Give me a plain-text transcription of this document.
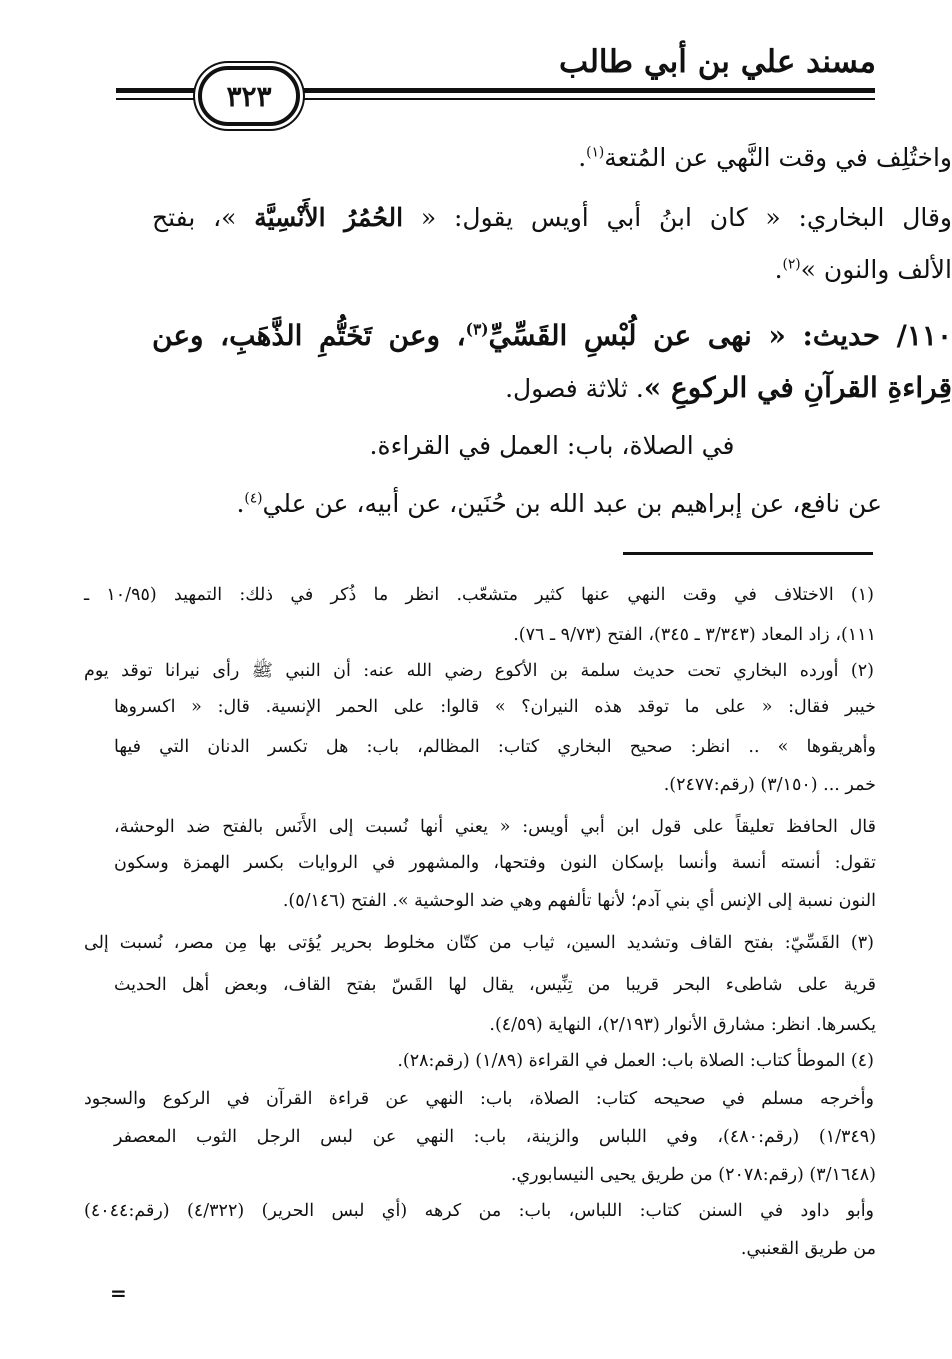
مسند علي بن أبي طالب
٣٢٣
واختُلِف في وقت النَّهي عن المُتعة$^{(١)}$.
وقال البخاري: « كان ابنُ أبي أويس يقول: « الحُمُرُ الأَنْسِيَّة »، بفتح
الألف والنون »$^{(٢)}$.
١١٠/ حديث: « نهى عن لُبْسِ القَسِّيِّ$^{(٣)}$، وعن تَخَتُّمِ الذَّهَبِ، وعن
قِراءةِ القرآنِ في الركوعِ ». ثلاثة فصول.
في الصلاة، باب: العمل في القراءة.
عن نافع، عن إبراهيم بن عبد الله بن حُنَين، عن أبيه، عن علي$^{(٤)}$.
(١) الاختلاف في وقت النهي عنها كثير متشعّب. انظر ما ذُكر في ذلك: التمهيد (١٠/٩٥ ـ
١١١)، زاد المعاد (٣/٣٤٣ ـ ٣٤٥)، الفتح (٩/٧٣ ـ ٧٦).
(٢) أورده البخاري تحت حديث سلمة بن الأكوع رضي الله عنه: أن النبي ﷺ رأى نيرانا توقد يوم
خيبر فقال: « على ما توقد هذه النيران؟ » قالوا: على الحمر الإنسية. قال: « اكسروها
وأهريقوها » .. انظر: صحيح البخاري كتاب: المظالم، باب: هل تكسر الدنان التي فيها
خمر ... (٣/١٥٠) (رقم:٢٤٧٧).
قال الحافظ تعليقاً على قول ابن أبي أويس: « يعني أنها نُسبت إلى الأَنَس بالفتح ضد الوحشة،
تقول: أنسته أنسة وأنسا بإسكان النون وفتحها، والمشهور في الروايات بكسر الهمزة وسكون
النون نسبة إلى الإنس أي بني آدم؛ لأنها تألفهم وهي ضد الوحشية ». الفتح (٥/١٤٦).
(٣) القَسِّيّ: بفتح القاف وتشديد السين، ثياب من كتّان مخلوط بحرير يُؤتى بها مِن مصر، نُسبت إلى
قرية على شاطىء البحر قريبا من تِنِّيس، يقال لها القَسّ بفتح القاف، وبعض أهل الحديث
يكسرها. انظر: مشارق الأنوار (٢/١٩٣)، النهاية (٤/٥٩).
(٤) الموطأ كتاب: الصلاة باب: العمل في القراءة (١/٨٩) (رقم:٢٨).
وأخرجه مسلم في صحيحه كتاب: الصلاة، باب: النهي عن قراءة القرآن في الركوع والسجود
(١/٣٤٩) (رقم:٤٨٠)، وفي اللباس والزينة، باب: النهي عن لبس الرجل الثوب المعصفر
(٣/١٦٤٨) (رقم:٢٠٧٨) من طريق يحيى النيسابوري.
وأبو داود في السنن كتاب: اللباس، باب: من كرهه (أي لبس الحرير) (٤/٣٢٢) (رقم:٤٠٤٤)
من طريق القعنبي.
=
